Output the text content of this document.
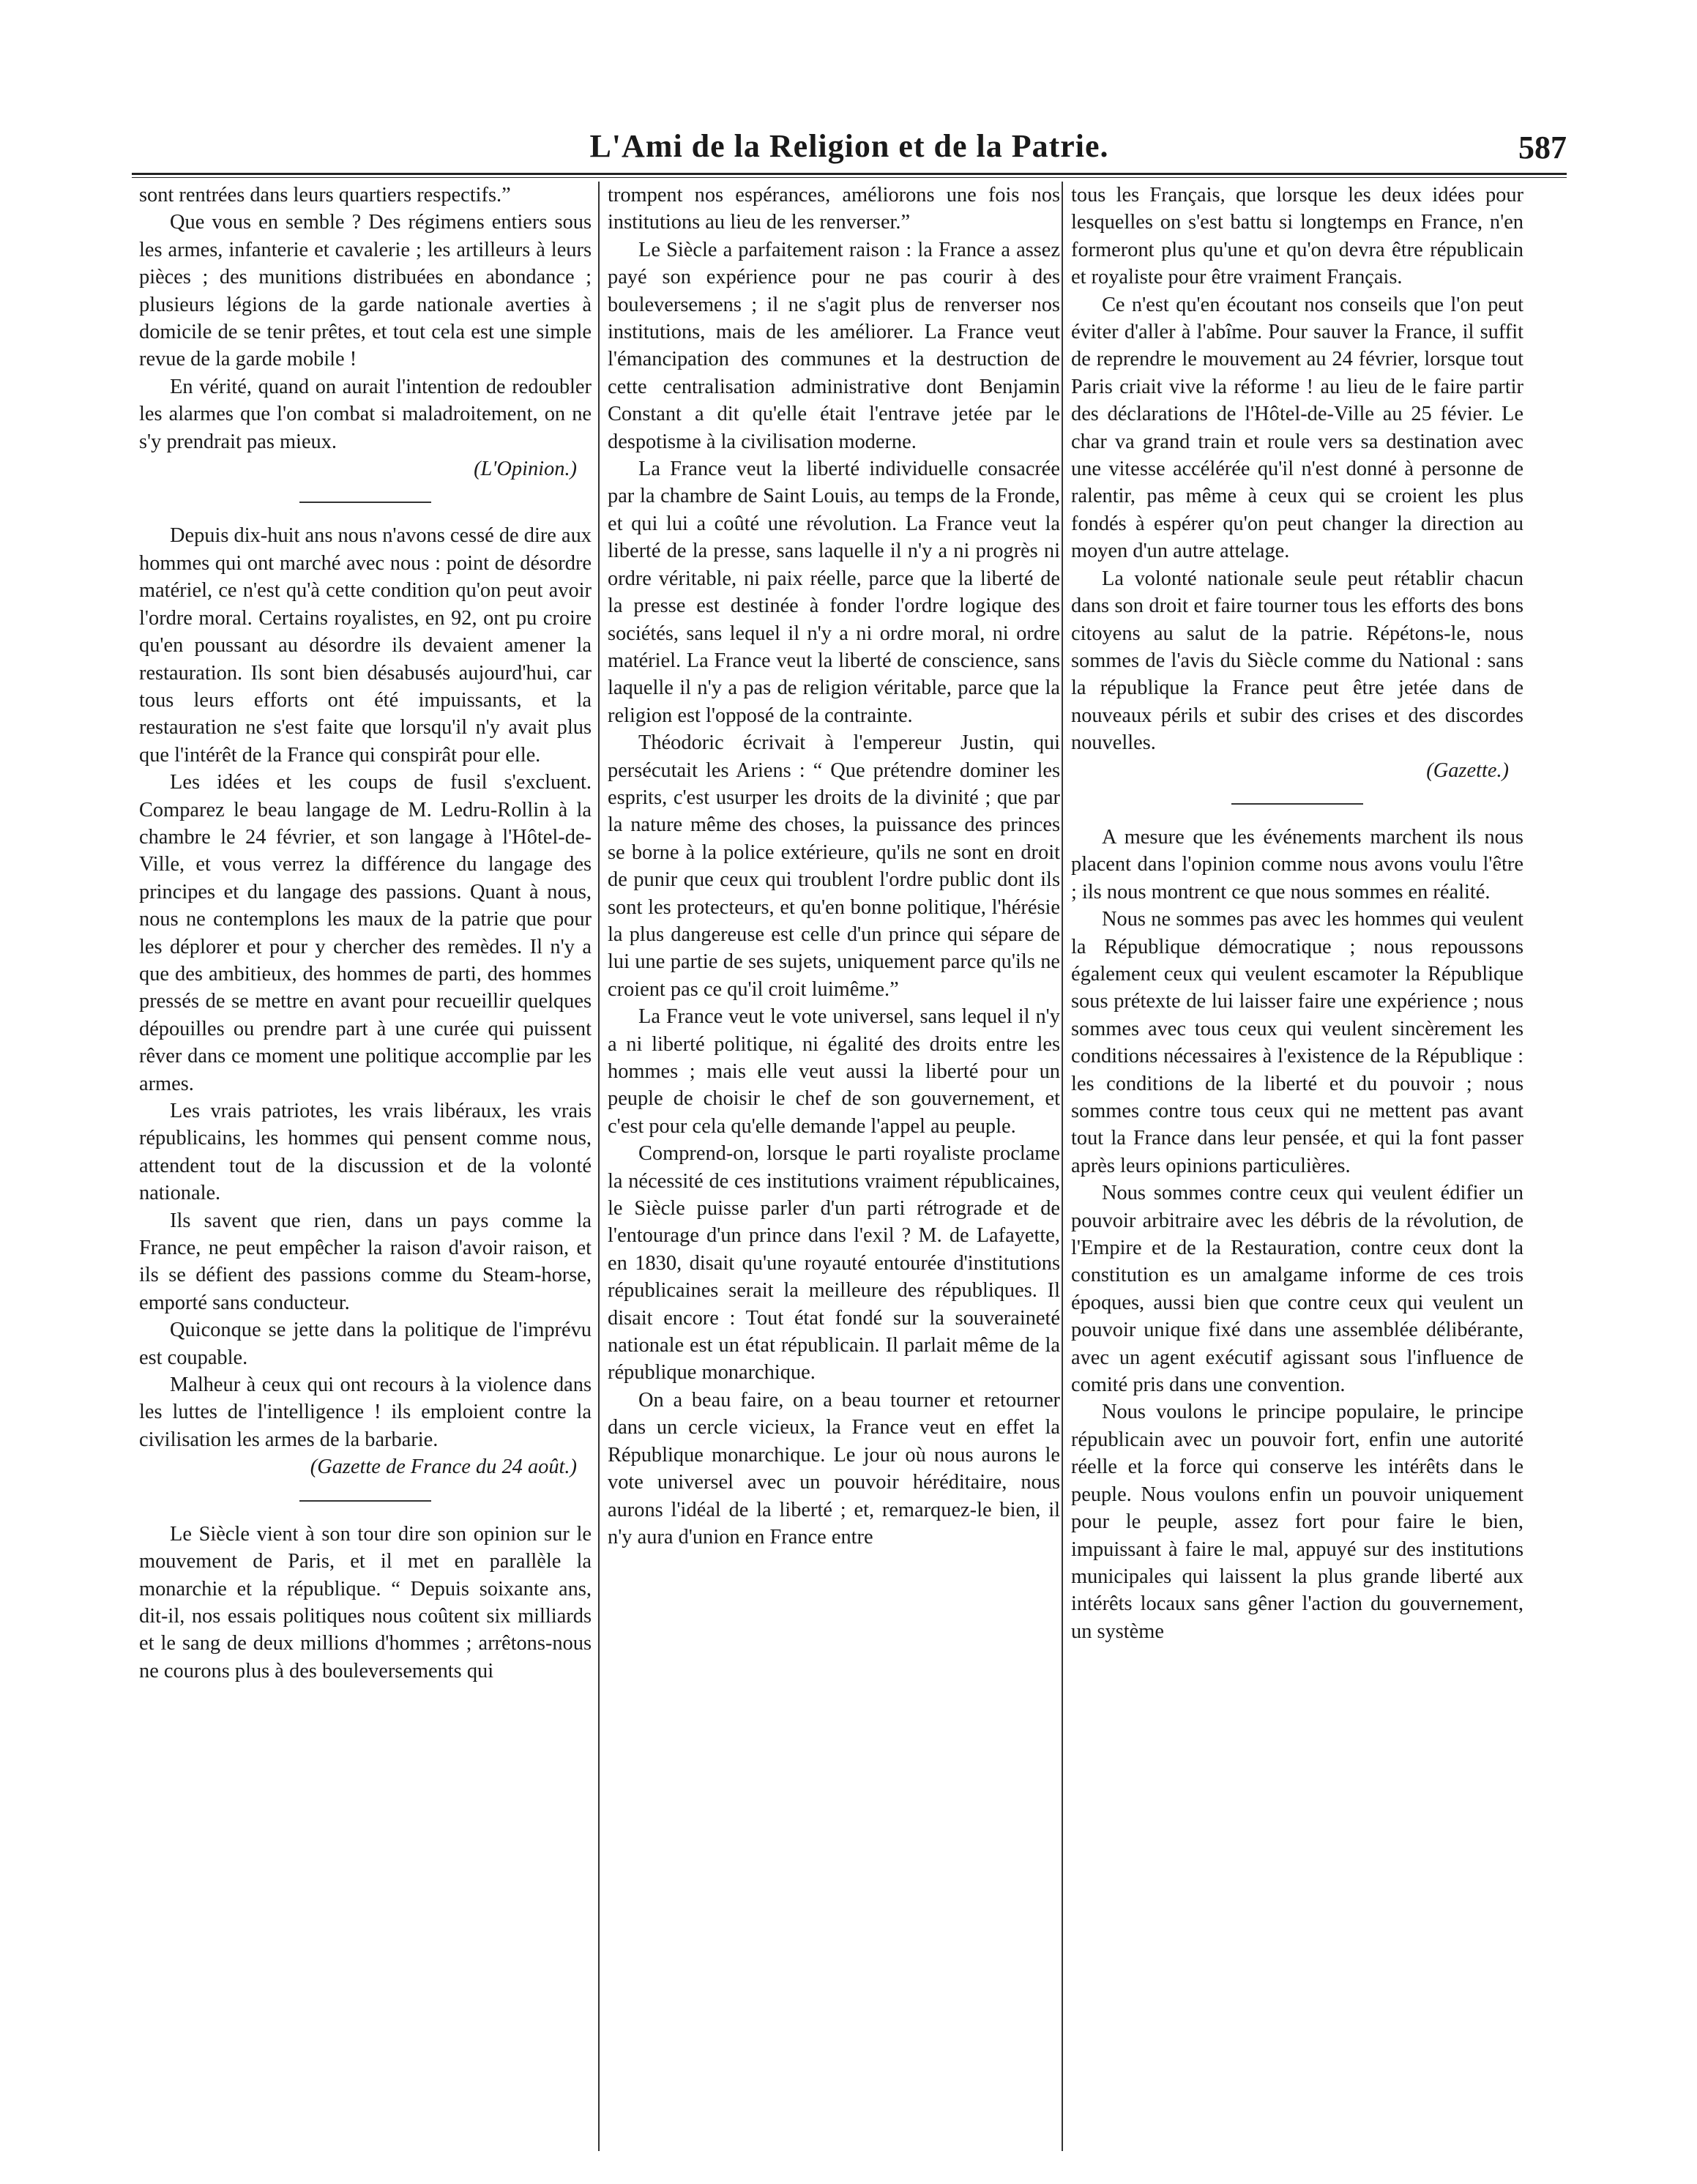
L'Ami de la Religion et de la Patrie.	587

sont rentrées dans leurs quartiers respectifs.”

Que vous en semble ? Des régimens entiers sous les armes, infanterie et cavalerie ; les artilleurs à leurs pièces ; des munitions distribuées en abondance ; plusieurs légions de la garde nationale averties à domicile de se tenir prêtes, et tout cela est une simple revue de la garde mobile !

En vérité, quand on aurait l'intention de redoubler les alarmes que l'on combat si maladroitement, on ne s'y prendrait pas mieux.

(L'Opinion.)

Depuis dix-huit ans nous n'avons cessé de dire aux hommes qui ont marché avec nous : point de désordre matériel, ce n'est qu'à cette condition qu'on peut avoir l'ordre moral. Certains royalistes, en 92, ont pu croire qu'en poussant au désordre ils devaient amener la restauration. Ils sont bien désabusés aujourd'hui, car tous leurs efforts ont été impuissants, et la restauration ne s'est faite que lorsqu'il n'y avait plus que l'intérêt de la France qui conspirât pour elle.

Les idées et les coups de fusil s'excluent. Comparez le beau langage de M. Ledru-Rollin à la chambre le 24 février, et son langage à l'Hôtel-de-Ville, et vous verrez la différence du langage des principes et du langage des passions. Quant à nous, nous ne contemplons les maux de la patrie que pour les déplorer et pour y chercher des remèdes. Il n'y a que des ambitieux, des hommes de parti, des hommes pressés de se mettre en avant pour recueillir quelques dépouilles ou prendre part à une curée qui puissent rêver dans ce moment une politique accomplie par les armes.

Les vrais patriotes, les vrais libéraux, les vrais républicains, les hommes qui pensent comme nous, attendent tout de la discussion et de la volonté nationale.

Ils savent que rien, dans un pays comme la France, ne peut empêcher la raison d'avoir raison, et ils se défient des passions comme du Steam-horse, emporté sans conducteur.

Quiconque se jette dans la politique de l'imprévu est coupable.

Malheur à ceux qui ont recours à la violence dans les luttes de l'intelligence ! ils emploient contre la civilisation les armes de la barbarie.

(Gazette de France du 24 août.)

Le Siècle vient à son tour dire son opinion sur le mouvement de Paris, et il met en parallèle la monarchie et la république. “ Depuis soixante ans, dit-il, nos essais politiques nous coûtent six milliards et le sang de deux millions d'hommes ; arrêtons-nous ne courons plus à des bouleversements qui

trompent nos espérances, améliorons une fois nos institutions au lieu de les renverser.”

Le Siècle a parfaitement raison : la France a assez payé son expérience pour ne pas courir à des bouleversemens ; il ne s'agit plus de renverser nos institutions, mais de les améliorer. La France veut l'émancipation des communes et la destruction de cette centralisation administrative dont Benjamin Constant a dit qu'elle était l'entrave jetée par le despotisme à la civilisation moderne.

La France veut la liberté individuelle consacrée par la chambre de Saint Louis, au temps de la Fronde, et qui lui a coûté une révolution. La France veut la liberté de la presse, sans laquelle il n'y a ni progrès ni ordre véritable, ni paix réelle, parce que la liberté de la presse est destinée à fonder l'ordre logique des sociétés, sans lequel il n'y a ni ordre moral, ni ordre matériel. La France veut la liberté de conscience, sans laquelle il n'y a pas de religion véritable, parce que la religion est l'opposé de la contrainte.

Théodoric écrivait à l'empereur Justin, qui persécutait les Ariens : “ Que prétendre dominer les esprits, c'est usurper les droits de la divinité ; que par la nature même des choses, la puissance des princes se borne à la police extérieure, qu'ils ne sont en droit de punir que ceux qui troublent l'ordre public dont ils sont les protecteurs, et qu'en bonne politique, l'hérésie la plus dangereuse est celle d'un prince qui sépare de lui une partie de ses sujets, uniquement parce qu'ils ne croient pas ce qu'il croit luimême.”

La France veut le vote universel, sans lequel il n'y a ni liberté politique, ni égalité des droits entre les hommes ; mais elle veut aussi la liberté pour un peuple de choisir le chef de son gouvernement, et c'est pour cela qu'elle demande l'appel au peuple.

Comprend-on, lorsque le parti royaliste proclame la nécessité de ces institutions vraiment républicaines, le Siècle puisse parler d'un parti rétrograde et de l'entourage d'un prince dans l'exil ? M. de Lafayette, en 1830, disait qu'une royauté entourée d'institutions républicaines serait la meilleure des républiques. Il disait encore : Tout état fondé sur la souveraineté nationale est un état républicain. Il parlait même de la république monarchique.

On a beau faire, on a beau tourner et retourner dans un cercle vicieux, la France veut en effet la République monarchique. Le jour où nous aurons le vote universel avec un pouvoir héréditaire, nous aurons l'idéal de la liberté ; et, remarquez-le bien, il n'y aura d'union en France entre

tous les Français, que lorsque les deux idées pour lesquelles on s'est battu si longtemps en France, n'en formeront plus qu'une et qu'on devra être républicain et royaliste pour être vraiment Français.

Ce n'est qu'en écoutant nos conseils que l'on peut éviter d'aller à l'abîme. Pour sauver la France, il suffit de reprendre le mouvement au 24 février, lorsque tout Paris criait vive la réforme ! au lieu de le faire partir des déclarations de l'Hôtel-de-Ville au 25 févier. Le char va grand train et roule vers sa destination avec une vitesse accélérée qu'il n'est donné à personne de ralentir, pas même à ceux qui se croient les plus fondés à espérer qu'on peut changer la direction au moyen d'un autre attelage.

La volonté nationale seule peut rétablir chacun dans son droit et faire tourner tous les efforts des bons citoyens au salut de la patrie. Répétons-le, nous sommes de l'avis du Siècle comme du National : sans la république la France peut être jetée dans de nouveaux périls et subir des crises et des discordes nouvelles.

(Gazette.)

A mesure que les événements marchent ils nous placent dans l'opinion comme nous avons voulu l'être ; ils nous montrent ce que nous sommes en réalité.

Nous ne sommes pas avec les hommes qui veulent la République démocratique ; nous repoussons également ceux qui veulent escamoter la République sous prétexte de lui laisser faire une expérience ; nous sommes avec tous ceux qui veulent sincèrement les conditions nécessaires à l'existence de la République : les conditions de la liberté et du pouvoir ; nous sommes contre tous ceux qui ne mettent pas avant tout la France dans leur pensée, et qui la font passer après leurs opinions particulières.

Nous sommes contre ceux qui veulent édifier un pouvoir arbitraire avec les débris de la révolution, de l'Empire et de la Restauration, contre ceux dont la constitution es un amalgame informe de ces trois époques, aussi bien que contre ceux qui veulent un pouvoir unique fixé dans une assemblée délibérante, avec un agent exécutif agissant sous l'influence de comité pris dans une convention.

Nous voulons le principe populaire, le principe républicain avec un pouvoir fort, enfin une autorité réelle et la force qui conserve les intérêts dans le peuple. Nous voulons enfin un pouvoir uniquement pour le peuple, assez fort pour faire le bien, impuissant à faire le mal, appuyé sur des institutions municipales qui laissent la plus grande liberté aux intérêts locaux sans gêner l'action du gouvernement, un système
